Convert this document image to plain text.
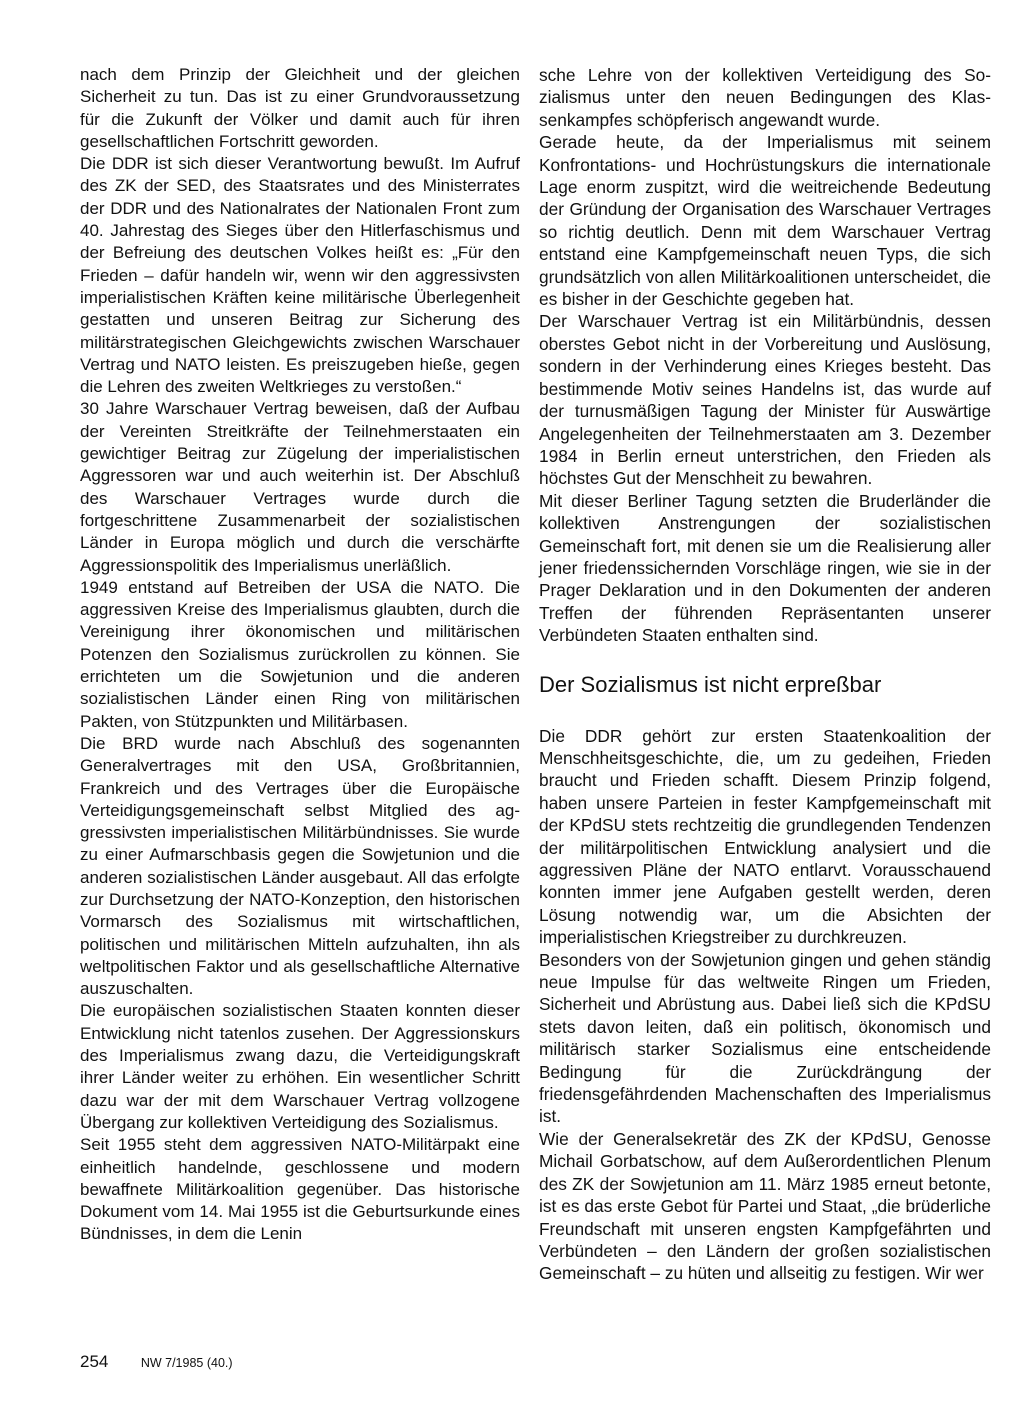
nach dem Prinzip der Gleichheit und der gleichen Sicherheit zu tun. Das ist zu einer Grundvoraussetzung für die Zukunft der Völker und damit auch für ihren gesellschaftlichen Fortschritt geworden.

Die DDR ist sich dieser Verantwortung bewußt. Im Aufruf des ZK der SED, des Staatsrates und des Ministerrates der DDR und des Nationalrates der Nationalen Front zum 40. Jahrestag des Sieges über den Hitlerfaschismus und der Befreiung des deutschen Volkes heißt es: „Für den Frieden – dafür handeln wir, wenn wir den aggressivsten imperialistischen Kräften keine militärische Überlegenheit gestatten und unseren Beitrag zur Sicherung des militärstrategischen Gleichgewichts zwischen Warschauer Vertrag und NATO leisten. Es preiszugeben hieße, gegen die Lehren des zweiten Weltkrieges zu verstoßen.“

30 Jahre Warschauer Vertrag beweisen, daß der Aufbau der Vereinten Streitkräfte der Teilnehmerstaaten ein gewichtiger Beitrag zur Zügelung der imperialistischen Aggressoren war und auch weiterhin ist. Der Abschluß des Warschauer Vertrages wurde durch die fortgeschrittene Zusammenarbeit der sozialistischen Länder in Europa möglich und durch die verschärfte Aggressionspolitik des Imperialismus unerläßlich.

1949 entstand auf Betreiben der USA die NATO. Die aggressiven Kreise des Imperialismus glaubten, durch die Vereinigung ihrer ökonomischen und militärischen Potenzen den Sozialismus zurückrollen zu können. Sie errichteten um die Sowjetunion und die anderen sozialistischen Länder einen Ring von militärischen Pakten, von Stützpunkten und Militärbasen.

Die BRD wurde nach Abschluß des sogenannten Generalvertrages mit den USA, Großbritannien, Frankreich und des Vertrages über die Europäische Verteidigungsgemeinschaft selbst Mitglied des aggressivsten imperialistischen Militärbündnisses. Sie wurde zu einer Aufmarschbasis gegen die Sowjetunion und die anderen sozialistischen Länder ausgebaut. All das erfolgte zur Durchsetzung der NATO-Konzeption, den historischen Vormarsch des Sozialismus mit wirtschaftlichen, politischen und militärischen Mitteln aufzuhalten, ihn als weltpolitischen Faktor und als gesellschaftliche Alternative auszuschalten.

Die europäischen sozialistischen Staaten konnten dieser Entwicklung nicht tatenlos zusehen. Der Aggressionskurs des Imperialismus zwang dazu, die Verteidigungskraft ihrer Länder weiter zu erhöhen. Ein wesentlicher Schritt dazu war der mit dem Warschauer Vertrag vollzogene Übergang zur kollektiven Verteidigung des Sozialismus.

Seit 1955 steht dem aggressiven NATO-Militärpakt eine einheitlich handelnde, geschlossene und modern bewaffnete Militärkoalition gegenüber. Das historische Dokument vom 14. Mai 1955 ist die Geburtsurkunde eines Bündnisses, in dem die Lenin

sche Lehre von der kollektiven Verteidigung des Sozialismus unter den neuen Bedingungen des Klassenkampfes schöpferisch angewandt wurde.

Gerade heute, da der Imperialismus mit seinem Konfrontations- und Hochrüstungskurs die internationale Lage enorm zuspitzt, wird die weitreichende Bedeutung der Gründung der Organisation des Warschauer Vertrages so richtig deutlich. Denn mit dem Warschauer Vertrag entstand eine Kampfgemeinschaft neuen Typs, die sich grundsätzlich von allen Militärkoalitionen unterscheidet, die es bisher in der Geschichte gegeben hat.

Der Warschauer Vertrag ist ein Militärbündnis, dessen oberstes Gebot nicht in der Vorbereitung und Auslösung, sondern in der Verhinderung eines Krieges besteht. Das bestimmende Motiv seines Handelns ist, das wurde auf der turnusmäßigen Tagung der Minister für Auswärtige Angelegenheiten der Teilnehmerstaaten am 3. Dezember 1984 in Berlin erneut unterstrichen, den Frieden als höchstes Gut der Menschheit zu bewahren.

Mit dieser Berliner Tagung setzten die Bruderländer die kollektiven Anstrengungen der sozialistischen Gemeinschaft fort, mit denen sie um die Realisierung aller jener friedenssichernden Vorschläge ringen, wie sie in der Prager Deklaration und in den Dokumenten der anderen Treffen der führenden Repräsentanten unserer Verbündeten Staaten enthalten sind.

Der Sozialismus ist nicht erpreßbar

Die DDR gehört zur ersten Staatenkoalition der Menschheitsgeschichte, die, um zu gedeihen, Frieden braucht und Frieden schafft. Diesem Prinzip folgend, haben unsere Parteien in fester Kampfgemeinschaft mit der KPdSU stets rechtzeitig die grundlegenden Tendenzen der militärpolitischen Entwicklung analysiert und die aggressiven Pläne der NATO entlarvt. Vorausschauend konnten immer jene Aufgaben gestellt werden, deren Lösung notwendig war, um die Absichten der imperialistischen Kriegstreiber zu durchkreuzen.

Besonders von der Sowjetunion gingen und gehen ständig neue Impulse für das weltweite Ringen um Frieden, Sicherheit und Abrüstung aus. Dabei ließ sich die KPdSU stets davon leiten, daß ein politisch, ökonomisch und militärisch starker Sozialismus eine entscheidende Bedingung für die Zurückdrängung der friedensgefährdenden Machenschaften des Imperialismus ist.

Wie der Generalsekretär des ZK der KPdSU, Genosse Michail Gorbatschow, auf dem Außerordentlichen Plenum des ZK der Sowjetunion am 11. März 1985 erneut betonte, ist es das erste Gebot für Partei und Staat, „die brüderliche Freundschaft mit unseren engsten Kampfgefährten und Verbündeten – den Ländern der großen sozialistischen Gemeinschaft – zu hüten und allseitig zu festigen. Wir wer

254	NW 7/1985 (40.)
